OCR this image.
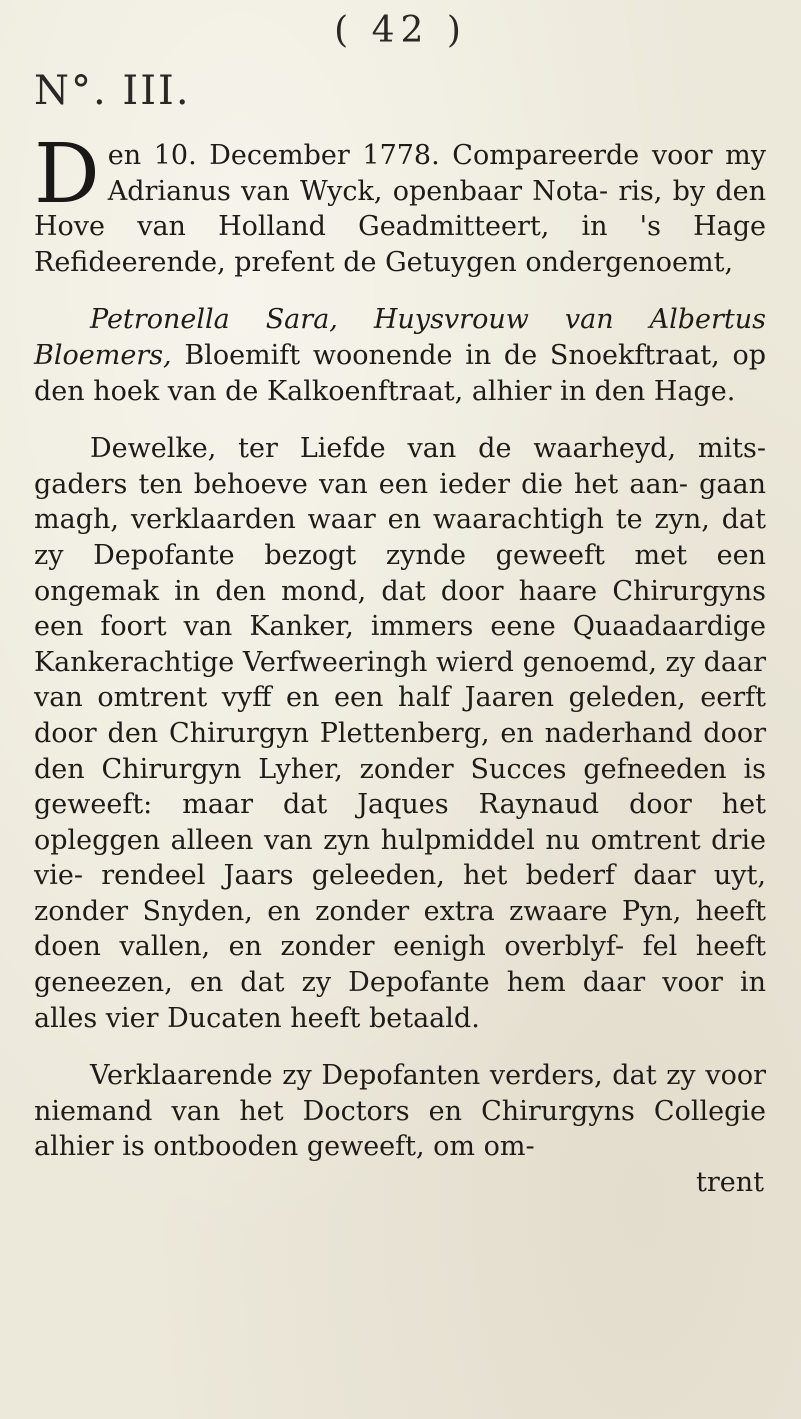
( 42 )
N°. III.

Den 10. December 1778. Compareerde voor my Adrianus van Wyck, openbaar Nota- ris, by den Hove van Holland Geadmitteert, in 's Hage Refideerende, prefent de Getuygen ondergenoemt,

Petronella Sara, Huysvrouw van Albertus Bloemers, Bloemift woonende in de Snoekftraat, op den hoek van de Kalkoenftraat, alhier in den Hage.

Dewelke, ter Liefde van de waarheyd, mits- gaders ten behoeve van een ieder die het aan- gaan magh, verklaarden waar en waarachtigh te zyn, dat zy Depofante bezogt zynde geweeft met een ongemak in den mond, dat door haare Chirurgyns een foort van Kanker, immers eene Quaadaardige Kankerachtige Verfweeringh wierd genoemd, zy daar van omtrent vyff en een half Jaaren geleden, eerft door den Chirurgyn Plettenberg, en naderhand door den Chirurgyn Lyher, zonder Succes gefneeden is geweeft: maar dat Jaques Raynaud door het opleggen alleen van zyn hulpmiddel nu omtrent drie vie- rendeel Jaars geleeden, het bederf daar uyt, zonder Snyden, en zonder extra zwaare Pyn, heeft doen vallen, en zonder eenigh overblyf- fel heeft geneezen, en dat zy Depofante hem daar voor in alles vier Ducaten heeft betaald.

Verklaarende zy Depofanten verders, dat zy voor niemand van het Doctors en Chirurgyns Collegie alhier is ontbooden geweeft, om om-
trent
